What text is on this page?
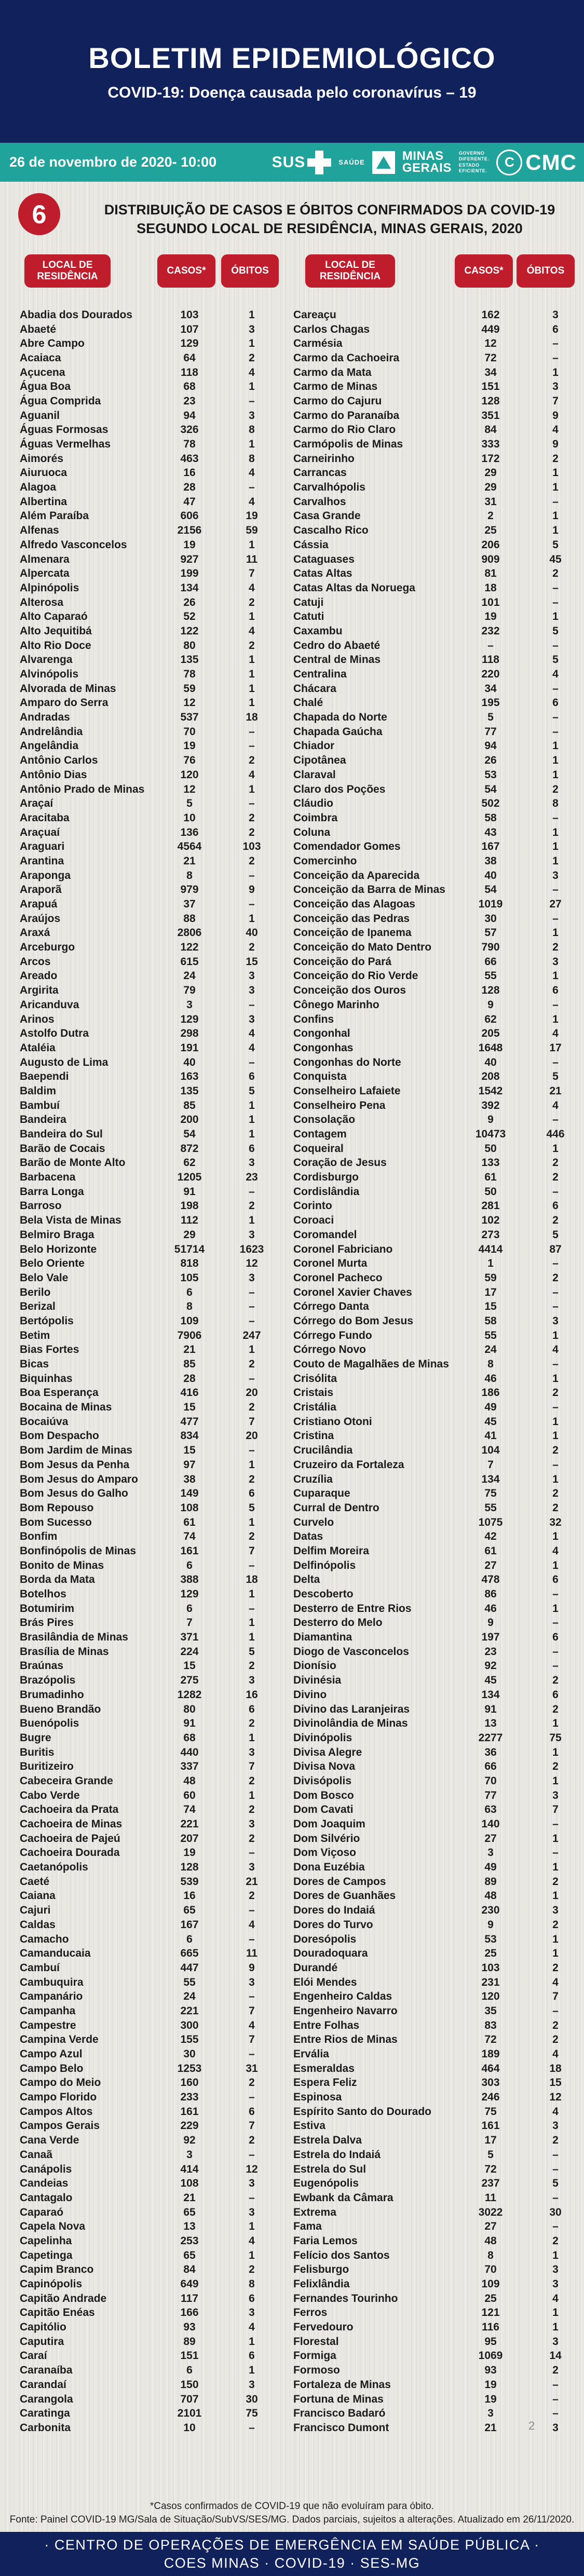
BOLETIM EPIDEMIOLÓGICO
COVID-19: Doença causada pelo coronavírus – 19
26 de novembro de 2020- 10:00	SUS	SAÚDE	MINAS
GERAIS
GOVERNO
DIFERENTE.
ESTADO
EFICIENTE.
C CMC
6	DISTRIBUIÇÃO DE CASOS E ÓBITOS CONFIRMADOS DA COVID-19 SEGUNDO LOCAL DE RESIDÊNCIA, MINAS GERAIS, 2020
LOCAL DE RESIDÊNCIA
CASOS*	ÓBITOS
LOCAL DE RESIDÊNCIA
CASOS* ÓBITOS
Abadia dos Dourados	103	1	Careaçu	162	3
Abaeté	107	3	Carlos Chagas	449	6
Abre Campo	129	1	Carmésia	12	–
Acaiaca	64	2	Carmo da Cachoeira	72	–
Açucena	118	4	Carmo da Mata	34	1
Água Boa	68	1	Carmo de Minas	151	3
Água Comprida	23	–	Carmo do Cajuru	128	7
Aguanil	94	3	Carmo do Paranaíba	351	9
Águas Formosas	326	8	Carmo do Rio Claro	84	4
Águas Vermelhas	78	1	Carmópolis de Minas	333	9
Aimorés	463	8	Carneirinho	172	2
Aiuruoca	16	4	Carrancas	29	1
Alagoa	28	–	Carvalhópolis	29	1
Albertina	47	4	Carvalhos	31	–
Além Paraíba	606	19	Casa Grande	2	1
Alfenas	2156	59	Cascalho Rico	25	1
Alfredo Vasconcelos	19	1	Cássia	206	5
Almenara	927	11	Cataguases	909	45
Alpercata	199	7	Catas Altas	81	2
Alpinópolis	134	4	Catas Altas da Noruega	18	–
Alterosa	26	2	Catuji	101	–
Alto Caparaó	52	1	Catuti	19	1
Alto Jequitibá	122	4	Caxambu	232	5
Alto Rio Doce	80	2	Cedro do Abaeté	–	–
Alvarenga	135	1	Central de Minas	118	5
Alvinópolis	78	1	Centralina	220	4
Alvorada de Minas	59	1	Chácara	34	–
Amparo do Serra	12	1	Chalé	195	6
Andradas	537	18	Chapada do Norte	5	–
Andrelândia	70	–	Chapada Gaúcha	77	–
Angelândia	19	–	Chiador	94	1
Antônio Carlos	76	2	Cipotânea	26	1
Antônio Dias	120	4	Claraval	53	1
Antônio Prado de Minas	12	1	Claro dos Poções	54	2
Araçaí	5	–	Cláudio	502	8
Aracitaba	10	2	Coimbra	58	–
Araçuaí	136	2	Coluna	43	1
Araguari	4564	103	Comendador Gomes	167	1
Arantina	21	2	Comercinho	38	1
Araponga	8	–	Conceição da Aparecida	40	3
Araporã	979	9	Conceição da Barra de Minas	54	–
Arapuá	37	–	Conceição das Alagoas	1019	27
Araújos	88	1	Conceição das Pedras	30	–
Araxá	2806	40	Conceição de Ipanema	57	1
Arceburgo	122	2	Conceição do Mato Dentro	790	2
Arcos	615	15	Conceição do Pará	66	3
Areado	24	3	Conceição do Rio Verde	55	1
Argirita	79	3	Conceição dos Ouros	128	6
Aricanduva	3	–	Cônego Marinho	9	–
Arinos	129	3	Confins	62	1
Astolfo Dutra	298	4	Congonhal	205	4
Ataléia	191	4	Congonhas	1648	17
Augusto de Lima	40	–	Congonhas do Norte	40	–
Baependi	163	6	Conquista	208	5
Baldim	135	5	Conselheiro Lafaiete	1542	21
Bambuí	85	1	Conselheiro Pena	392	4
Bandeira	200	1	Consolação	9	–
Bandeira do Sul	54	1	Contagem	10473	446
Barão de Cocais	872	6	Coqueiral	50	1
Barão de Monte Alto	62	3	Coração de Jesus	133	2
Barbacena	1205	23	Cordisburgo	61	2
Barra Longa	91	–	Cordislândia	50	–
Barroso	198	2	Corinto	281	6
Bela Vista de Minas	112	1	Coroaci	102	2
Belmiro Braga	29	3	Coromandel	273	5
Belo Horizonte	51714	1623	Coronel Fabriciano	4414	87
Belo Oriente	818	12	Coronel Murta	1	–
Belo Vale	105	3	Coronel Pacheco	59	2
Berilo	6	–	Coronel Xavier Chaves	17	–
Berizal	8	–	Córrego Danta	15	–
Bertópolis	109	–	Córrego do Bom Jesus	58	3
Betim	7906	247	Córrego Fundo	55	1
Bias Fortes	21	1	Córrego Novo	24	4
Bicas	85	2	Couto de Magalhães de Minas	8	–
Biquinhas	28	–	Crisólita	46	1
Boa Esperança	416	20	Cristais	186	2
Bocaina de Minas	15	2	Cristália	49	–
Bocaiúva	477	7	Cristiano Otoni	45	1
Bom Despacho	834	20	Cristina	41	1
Bom Jardim de Minas	15	–	Crucilândia	104	2
Bom Jesus da Penha	97	1	Cruzeiro da Fortaleza	7	–
Bom Jesus do Amparo	38	2	Cruzília	134	1
Bom Jesus do Galho	149	6	Cuparaque	75	2
Bom Repouso	108	5	Curral de Dentro	55	2
Bom Sucesso	61	1	Curvelo	1075	32
Bonfim	74	2	Datas	42	1
Bonfinópolis de Minas	161	7	Delfim Moreira	61	4
Bonito de Minas	6	–	Delfinópolis	27	1
Borda da Mata	388	18	Delta	478	6
Botelhos	129	1	Descoberto	86	–
Botumirim	6	–	Desterro de Entre Rios	46	1
Brás Pires	7	1	Desterro do Melo	9	–
Brasilândia de Minas	371	1	Diamantina	197	6
Brasília de Minas	224	5	Diogo de Vasconcelos	23	–
Braúnas	15	2	Dionísio	92	–
Brazópolis	275	3	Divinésia	45	2
Brumadinho	1282	16	Divino	134	6
Bueno Brandão	80	6	Divino das Laranjeiras	91	2
Buenópolis	91	2	Divinolândia de Minas	13	1
Bugre	68	1	Divinópolis	2277	75
Buritis	440	3	Divisa Alegre	36	1
Buritizeiro	337	7	Divisa Nova	66	2
Cabeceira Grande	48	2	Divisópolis	70	1
Cabo Verde	60	1	Dom Bosco	77	3
Cachoeira da Prata	74	2	Dom Cavati	63	7
Cachoeira de Minas	221	3	Dom Joaquim	140	–
Cachoeira de Pajeú	207	2	Dom Silvério	27	1
Cachoeira Dourada	19	–	Dom Viçoso	3	–
Caetanópolis	128	3	Dona Euzébia	49	1
Caeté	539	21	Dores de Campos	89	2
Caiana	16	2	Dores de Guanhães	48	1
Cajuri	65	–	Dores do Indaiá	230	3
Caldas	167	4	Dores do Turvo	9	2
Camacho	6	–	Doresópolis	53	1
Camanducaia	665	11	Douradoquara	25	1
Cambuí	447	9	Durandé	103	2
Cambuquira	55	3	Elói Mendes	231	4
Campanário	24	–	Engenheiro Caldas	120	7
Campanha	221	7	Engenheiro Navarro	35	–
Campestre	300	4	Entre Folhas	83	2
Campina Verde	155	7	Entre Rios de Minas	72	2
Campo Azul	30	–	Ervália	189	4
Campo Belo	1253	31	Esmeraldas	464	18
Campo do Meio	160	2	Espera Feliz	303	15
Campo Florido	233	–	Espinosa	246	12
Campos Altos	161	6	Espírito Santo do Dourado	75	4
Campos Gerais	229	7	Estiva	161	3
Cana Verde	92	2	Estrela Dalva	17	2
Canaã	3	–	Estrela do Indaiá	5	–
Canápolis	414	12	Estrela do Sul	72	–
Candeias	108	3	Eugenópolis	237	5
Cantagalo	21	–	Ewbank da Câmara	11	–
Caparaó	65	3	Extrema	3022	30
Capela Nova	13	1	Fama	27	–
Capelinha	253	4	Faria Lemos	48	2
Capetinga	65	1	Felício dos Santos	8	1
Capim Branco	84	2	Felisburgo	70	3
Capinópolis	649	8	Felixlândia	109	3
Capitão Andrade	117	6	Fernandes Tourinho	25	4
Capitão Enéas	166	3	Ferros	121	1
Capitólio	93	4	Fervedouro	116	1
Caputira	89	1	Florestal	95	3
Caraí	151	6	Formiga	1069	14
Caranaíba	6	1	Formoso	93	2
Carandaí	150	3	Fortaleza de Minas	19	–
Carangola	707	30	Fortuna de Minas	19	–
Caratinga	2101	75	Francisco Badaró	3	–
Carbonita	10	–	Francisco Dumont	21	3
*Casos confirmados de COVID-19 que não evoluíram para óbito.
Fonte: Painel COVID-19 MG/Sala de Situação/SubVS/SES/MG. Dados parciais, sujeitos a alterações. Atualizado em 26/11/2020.
2
· CENTRO DE OPERAÇÕES DE EMERGÊNCIA EM SAÚDE PÚBLICA ·
COES MINAS · COVID-19 · SES-MG
